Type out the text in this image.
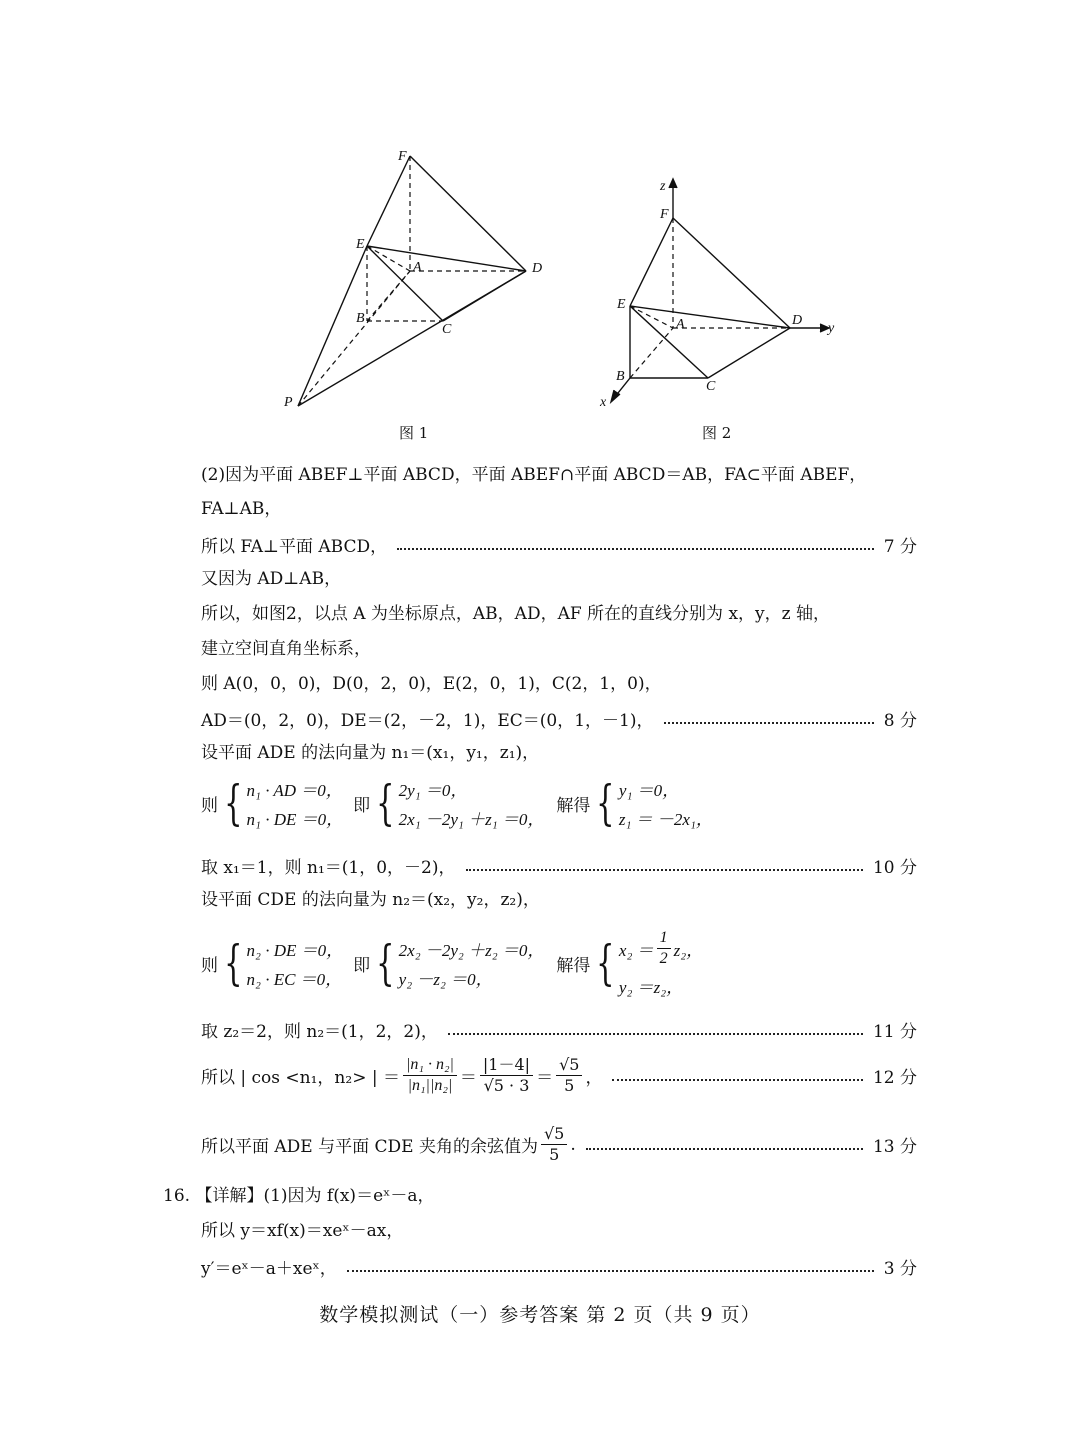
F
E
A	D
B
C
P
图 1
z
F
E
A	D
y
B
C
x
图 2
(2)因为平面 ABEF⊥平面 ABCD，平面 ABEF∩平面 ABCD＝AB，FA⊂平面 ABEF，
FA⊥AB，
所以 FA⊥平面 ABCD，	7 分
又因为 AD⊥AB，
所以，如图2，以点 A 为坐标原点，AB，AD，AF 所在的直线分别为 x，y，z 轴，
建立空间直角坐标系，
则 A(0，0，0)，D(0，2，0)，E(2，0，1)，C(2，1，0)，
AD＝(0，2，0)，DE＝(2，－2，1)，EC＝(0，1，－1)，	8 分
设平面 ADE 的法向量为 n₁＝(x₁，y₁，z₁)，
则 { n₁ · AD ＝0，
n₁ · DE ＝0，
即 { 2y₁ ＝0，
2x₁ －2y₁ ＋z₁ ＝0，
解得 { y₁ ＝0，
z₁ ＝ －2x₁，
取 x₁＝1，则 n₁＝(1，0，－2)，	10 分
设平面 CDE 的法向量为 n₂＝(x₂，y₂，z₂)，
则 { n₂ · DE ＝0，
n₂ · EC ＝0，
即 { 2x₂ －2y₂ ＋z₂ ＝0，
y₂ －z₂ ＝0，
解得 { $x_2 = \frac{1}{2} z_2$，
y₂ ＝z₂，
取 z₂＝2，则 n₂＝(1，2，2)，	11 分
所以 | cos <n₁，n₂> | ＝ $\frac{\text{|n₁ · n₂|}}{\text{|n₁||n₂|}} = \frac{|1-4|}{√5 \cdot 3} = \frac{√5}{5}$ ，	12 分
所以平面 ADE 与平面 CDE 夹角的余弦值为 $\frac{√5}{5}$ .	13 分
16. 【详解】(1)因为 f(x)＝eˣ－a，
所以 y＝xf(x)＝xeˣ－ax，
y′＝eˣ－a＋xeˣ，	3 分
数学模拟测试（一）参考答案 第 2 页（共 9 页）
